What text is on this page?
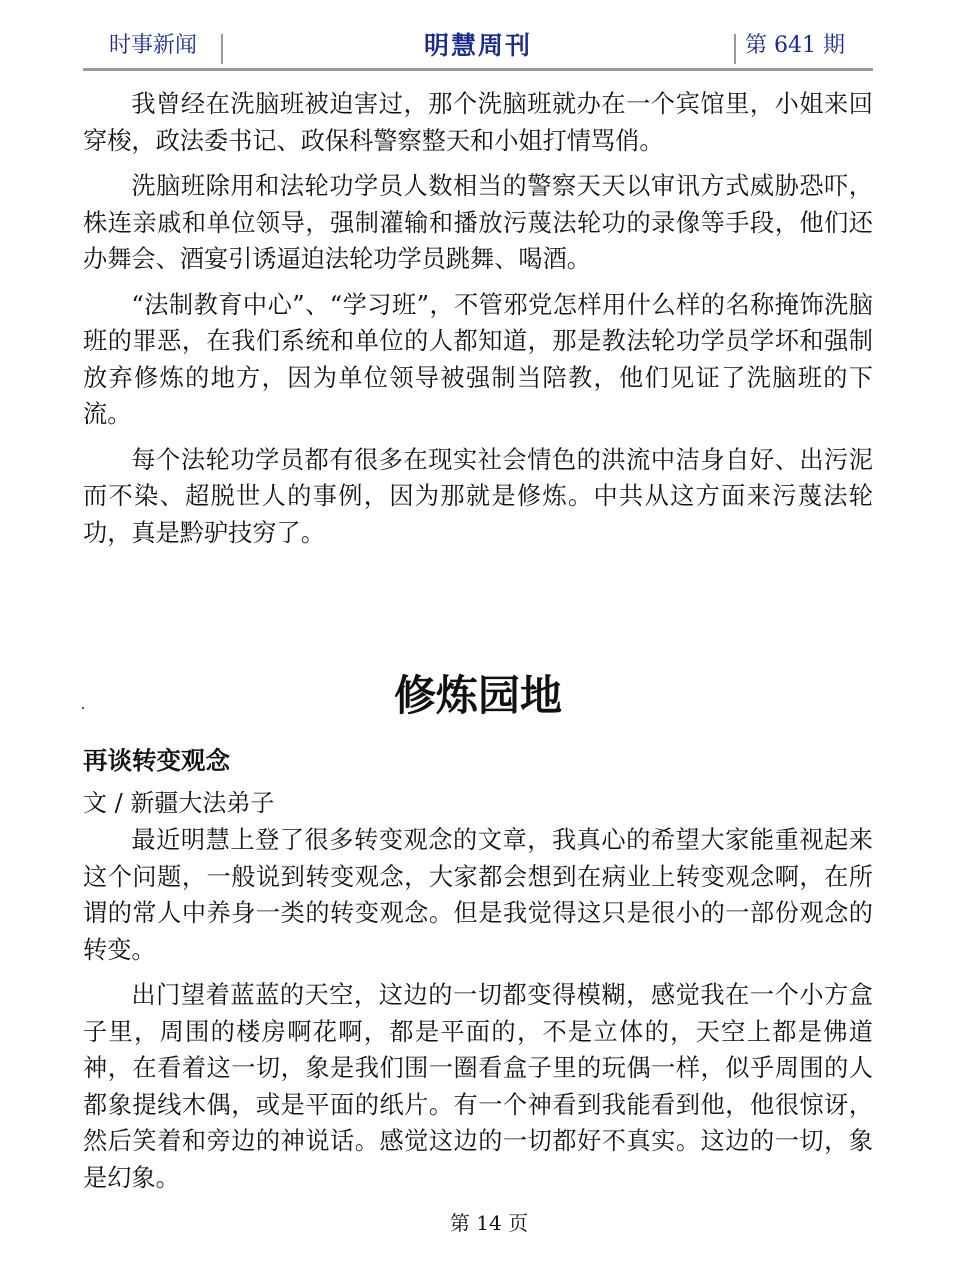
时事新闻	明慧周刊	第 641 期

我曾经在洗脑班被迫害过，那个洗脑班就办在一个宾馆里，小姐来回穿梭，政法委书记、政保科警察整天和小姐打情骂俏。

洗脑班除用和法轮功学员人数相当的警察天天以审讯方式威胁恐吓，株连亲戚和单位领导，强制灌输和播放污蔑法轮功的录像等手段，他们还办舞会、酒宴引诱逼迫法轮功学员跳舞、喝酒。

“法制教育中心”、“学习班”，不管邪党怎样用什么样的名称掩饰洗脑班的罪恶，在我们系统和单位的人都知道，那是教法轮功学员学坏和强制放弃修炼的地方，因为单位领导被强制当陪教，他们见证了洗脑班的下流。

每个法轮功学员都有很多在现实社会情色的洪流中洁身自好、出污泥而不染、超脱世人的事例，因为那就是修炼。中共从这方面来污蔑法轮功，真是黔驴技穷了。

修炼园地
再谈转变观念
文 / 新疆大法弟子

最近明慧上登了很多转变观念的文章，我真心的希望大家能重视起来这个问题，一般说到转变观念，大家都会想到在病业上转变观念啊，在所谓的常人中养身一类的转变观念。但是我觉得这只是很小的一部份观念的转变。

出门望着蓝蓝的天空，这边的一切都变得模糊，感觉我在一个小方盒子里，周围的楼房啊花啊，都是平面的，不是立体的，天空上都是佛道神，在看着这一切，象是我们围一圈看盒子里的玩偶一样，似乎周围的人都象提线木偶，或是平面的纸片。有一个神看到我能看到他，他很惊讶，然后笑着和旁边的神说话。感觉这边的一切都好不真实。这边的一切，象是幻象。

第 14 页
